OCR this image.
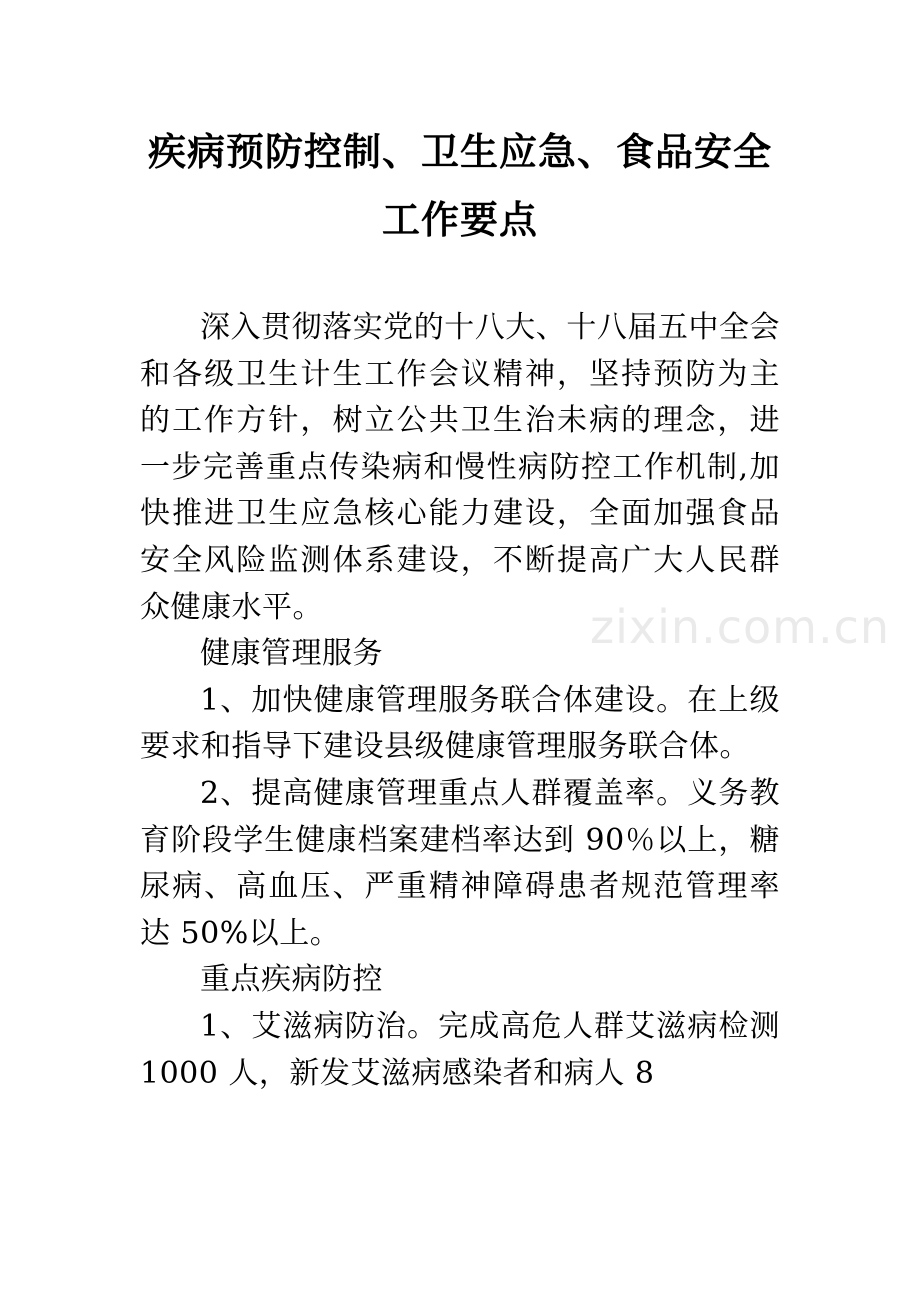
疾病预防控制、卫生应急、食品安全
工作要点

深入贯彻落实党的十八大、十八届五中全会和各级卫生计生工作会议精神，坚持预防为主的工作方针，树立公共卫生治未病的理念，进一步完善重点传染病和慢性病防控工作机制,加快推进卫生应急核心能力建设，全面加强食品安全风险监测体系建设，不断提高广大人民群众健康水平。

健康管理服务

1、加快健康管理服务联合体建设。在上级要求和指导下建设县级健康管理服务联合体。

2、提高健康管理重点人群覆盖率。义务教育阶段学生健康档案建档率达到 90％以上，糖尿病、高血压、严重精神障碍患者规范管理率达 50%以上。

重点疾病防控

1、艾滋病防治。完成高危人群艾滋病检测 1000 人，新发艾滋病感染者和病人 8

zixin.com.cn
